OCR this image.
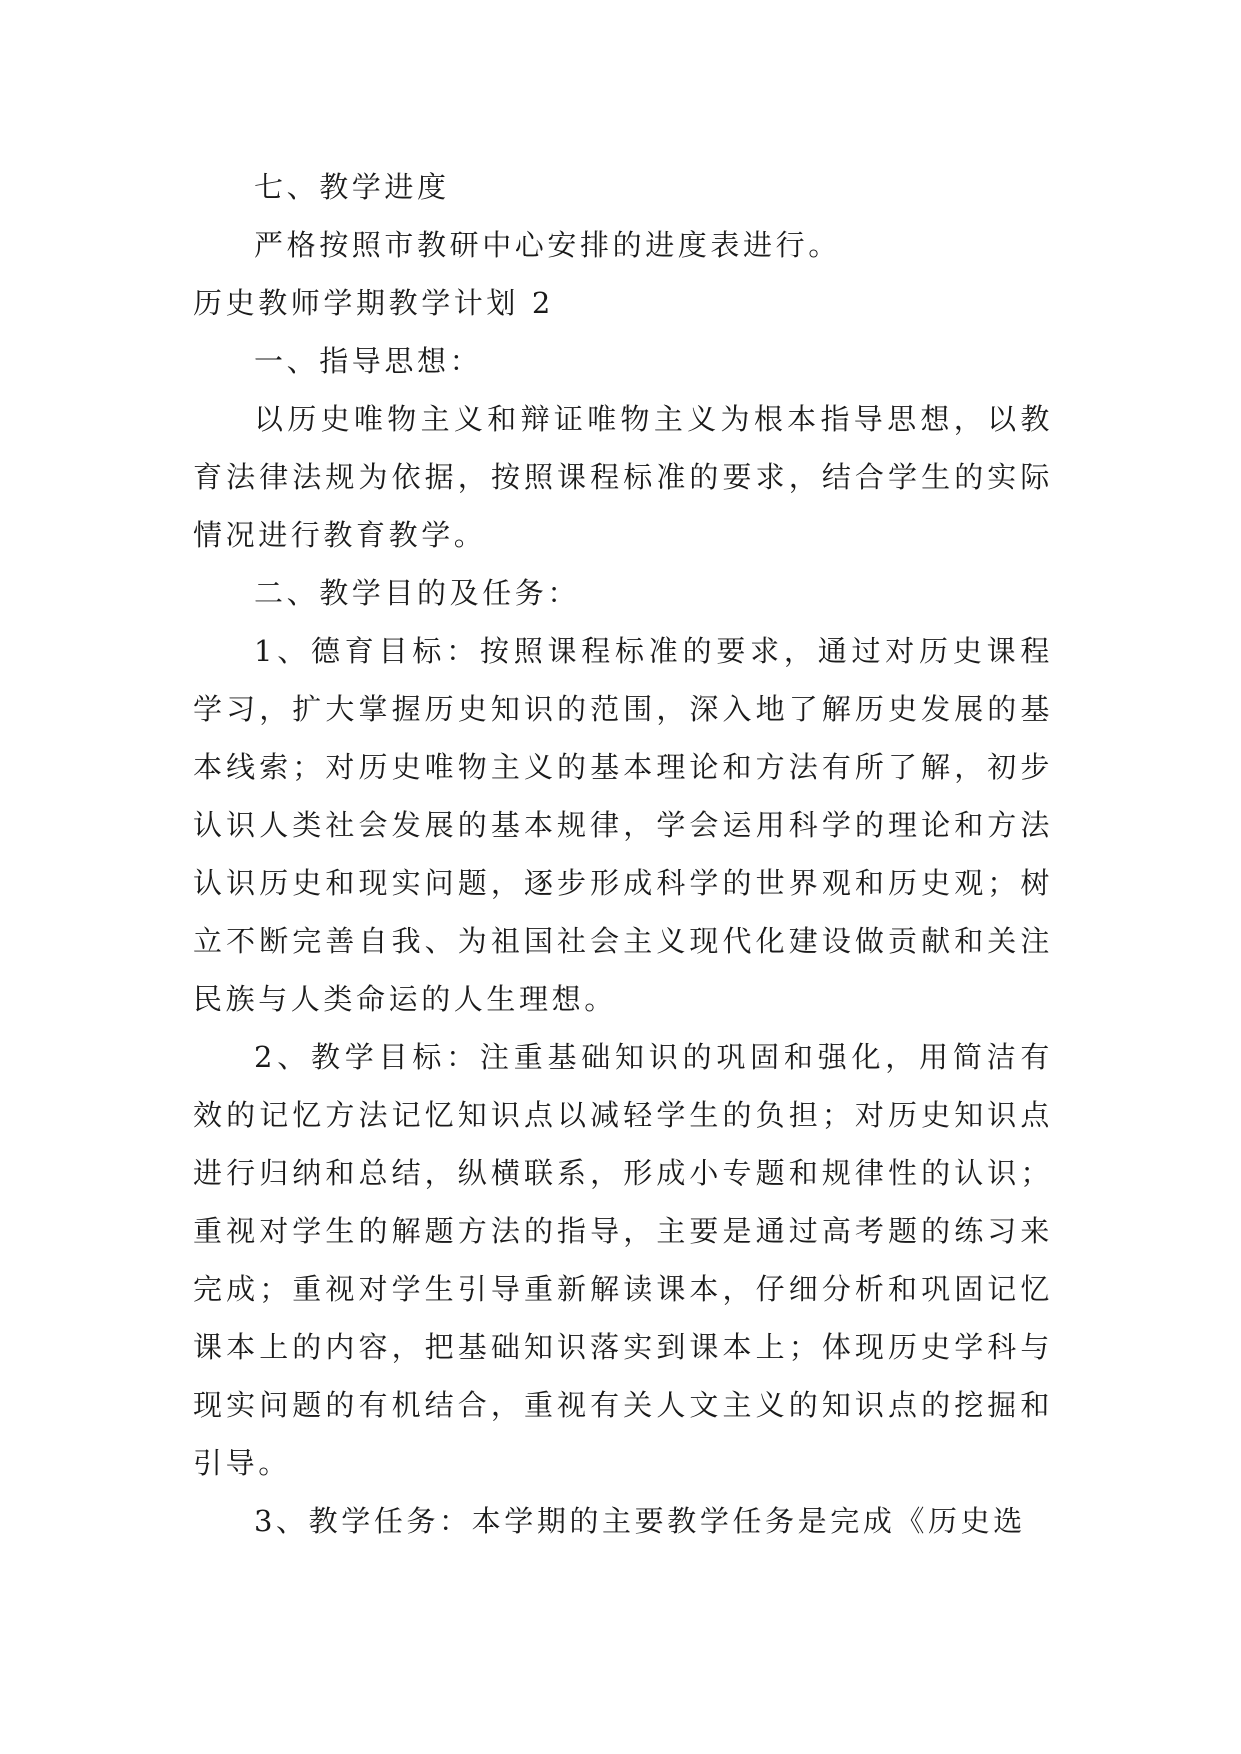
七、教学进度

严格按照市教研中心安排的进度表进行。

历史教师学期教学计划 2

一、指导思想：

以历史唯物主义和辩证唯物主义为根本指导思想，以教育法律法规为依据，按照课程标准的要求，结合学生的实际情况进行教育教学。

二、教学目的及任务：

1、德育目标：按照课程标准的要求，通过对历史课程学习，扩大掌握历史知识的范围，深入地了解历史发展的基本线索；对历史唯物主义的基本理论和方法有所了解，初步认识人类社会发展的基本规律，学会运用科学的理论和方法认识历史和现实问题，逐步形成科学的世界观和历史观；树立不断完善自我、为祖国社会主义现代化建设做贡献和关注民族与人类命运的人生理想。

2、教学目标：注重基础知识的巩固和强化，用简洁有效的记忆方法记忆知识点以减轻学生的负担；对历史知识点进行归纳和总结，纵横联系，形成小专题和规律性的认识；重视对学生的解题方法的指导，主要是通过高考题的练习来完成；重视对学生引导重新解读课本，仔细分析和巩固记忆课本上的内容，把基础知识落实到课本上；体现历史学科与现实问题的有机结合，重视有关人文主义的知识点的挖掘和引导。

3、教学任务：本学期的主要教学任务是完成《历史选
